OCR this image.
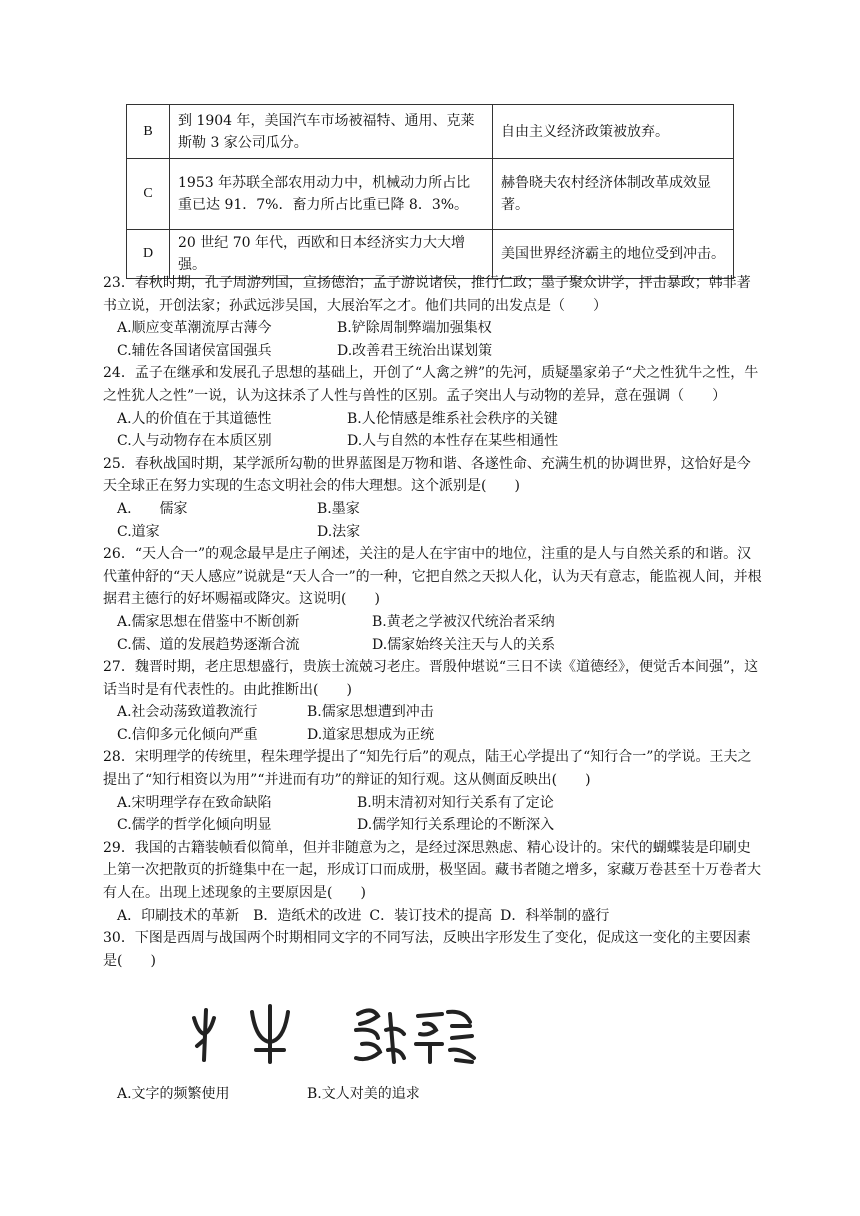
B	到 1904 年，美国汽车市场被福特、通用、克莱斯勒 3 家公司瓜分。	自由主义经济政策被放弃。
C	1953 年苏联全部农用动力中，机械动力所占比重已达 91．7%．畜力所占比重已降 8．3%。	赫鲁晓夫农村经济体制改革成效显著。
D	20 世纪 70 年代，西欧和日本经济实力大大增强。	美国世界经济霸主的地位受到冲击。

23．春秋时期，孔子周游列国，宣扬德治；孟子游说诸侯，推行仁政；墨子聚众讲学，抨击暴政；韩非著书立说，开创法家；孙武远涉吴国，大展治军之才。他们共同的出发点是（　　）

A.顺应变革潮流厚古薄今	B.铲除周制弊端加强集权
C.辅佐各国诸侯富国强兵	D.改善君王统治出谋划策

24．孟子在继承和发展孔子思想的基础上，开创了“人禽之辨”的先河，质疑墨家弟子“犬之性犹牛之性，牛之性犹人之性”一说，认为这抹杀了人性与兽性的区别。孟子突出人与动物的差异，意在强调（　　）

A.人的价值在于其道德性	B.人伦情感是维系社会秩序的关键
C.人与动物存在本质区别	D.人与自然的本性存在某些相通性

25．春秋战国时期，某学派所勾勒的世界蓝图是万物和谐、各遂性命、充满生机的协调世界，这恰好是今天全球正在努力实现的生态文明社会的伟大理想。这个派别是(　　)

A.　　儒家	B.墨家
C.道家	D.法家

26．“天人合一”的观念最早是庄子阐述，关注的是人在宇宙中的地位，注重的是人与自然关系的和谐。汉代董仲舒的“天人感应”说就是“天人合一”的一种，它把自然之天拟人化，认为天有意志，能监视人间，并根据君主德行的好坏赐福或降灾。这说明(　　)

A.儒家思想在借鉴中不断创新	B.黄老之学被汉代统治者采纳
C.儒、道的发展趋势逐渐合流	D.儒家始终关注天与人的关系

27．魏晋时期，老庄思想盛行，贵族士流兢习老庄。晋殷仲堪说“三日不读《道德经》，便觉舌本间强”，这话当时是有代表性的。由此推断出(　　)

A.社会动荡致道教流行	B.儒家思想遭到冲击
C.信仰多元化倾向严重	D.道家思想成为正统

28．宋明理学的传统里，程朱理学提出了“知先行后”的观点，陆王心学提出了“知行合一”的学说。王夫之提出了“知行相资以为用”“并进而有功”的辩证的知行观。这从侧面反映出(　　)

A.宋明理学存在致命缺陷	B.明末清初对知行关系有了定论
C.儒学的哲学化倾向明显	D.儒学知行关系理论的不断深入

29．我国的古籍装帧看似简单，但并非随意为之，是经过深思熟虑、精心设计的。宋代的蝴蝶装是印刷史上第一次把散页的折缝集中在一起，形成订口而成册，极坚固。藏书者随之增多，家藏万卷甚至十万卷者大有人在。出现上述现象的主要原因是(　　)

A．印刷技术的革新 B．造纸术的改进 C．装订技术的提高 D．科举制的盛行

30．下图是西周与战国两个时期相同文字的不同写法，反映出字形发生了变化，促成这一变化的主要因素是(　　)

A.文字的频繁使用	B.文人对美的追求
